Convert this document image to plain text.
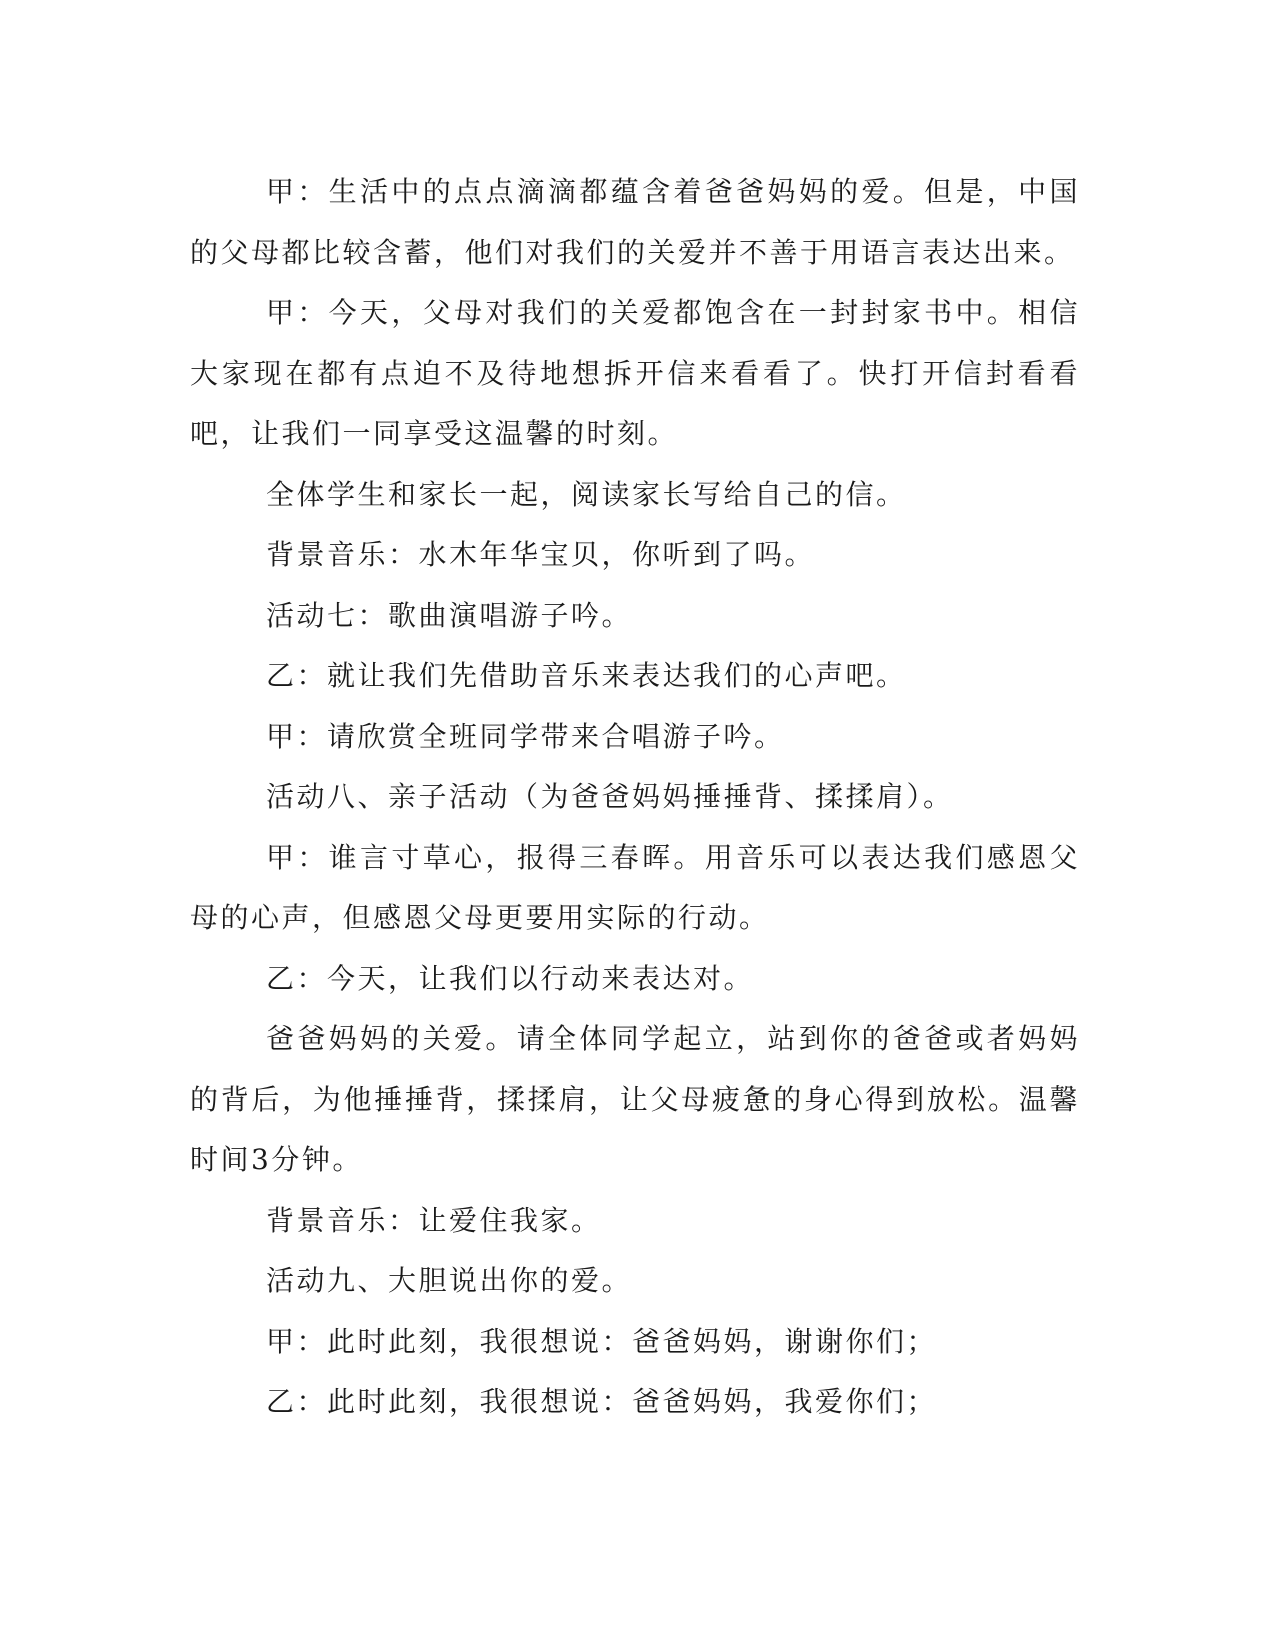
甲：生活中的点点滴滴都蕴含着爸爸妈妈的爱。但是，中国的父母都比较含蓄，他们对我们的关爱并不善于用语言表达出来。

甲：今天，父母对我们的关爱都饱含在一封封家书中。相信大家现在都有点迫不及待地想拆开信来看看了。快打开信封看看吧，让我们一同享受这温馨的时刻。

全体学生和家长一起，阅读家长写给自己的信。

背景音乐：水木年华宝贝，你听到了吗。

活动七：歌曲演唱游子吟。

乙：就让我们先借助音乐来表达我们的心声吧。

甲：请欣赏全班同学带来合唱游子吟。

活动八、亲子活动（为爸爸妈妈捶捶背、揉揉肩）。

甲：谁言寸草心，报得三春晖。用音乐可以表达我们感恩父母的心声，但感恩父母更要用实际的行动。

乙：今天，让我们以行动来表达对。

爸爸妈妈的关爱。请全体同学起立，站到你的爸爸或者妈妈的背后，为他捶捶背，揉揉肩，让父母疲惫的身心得到放松。温馨时间3分钟。

背景音乐：让爱住我家。

活动九、大胆说出你的爱。

甲：此时此刻，我很想说：爸爸妈妈，谢谢你们；

乙：此时此刻，我很想说：爸爸妈妈，我爱你们；
